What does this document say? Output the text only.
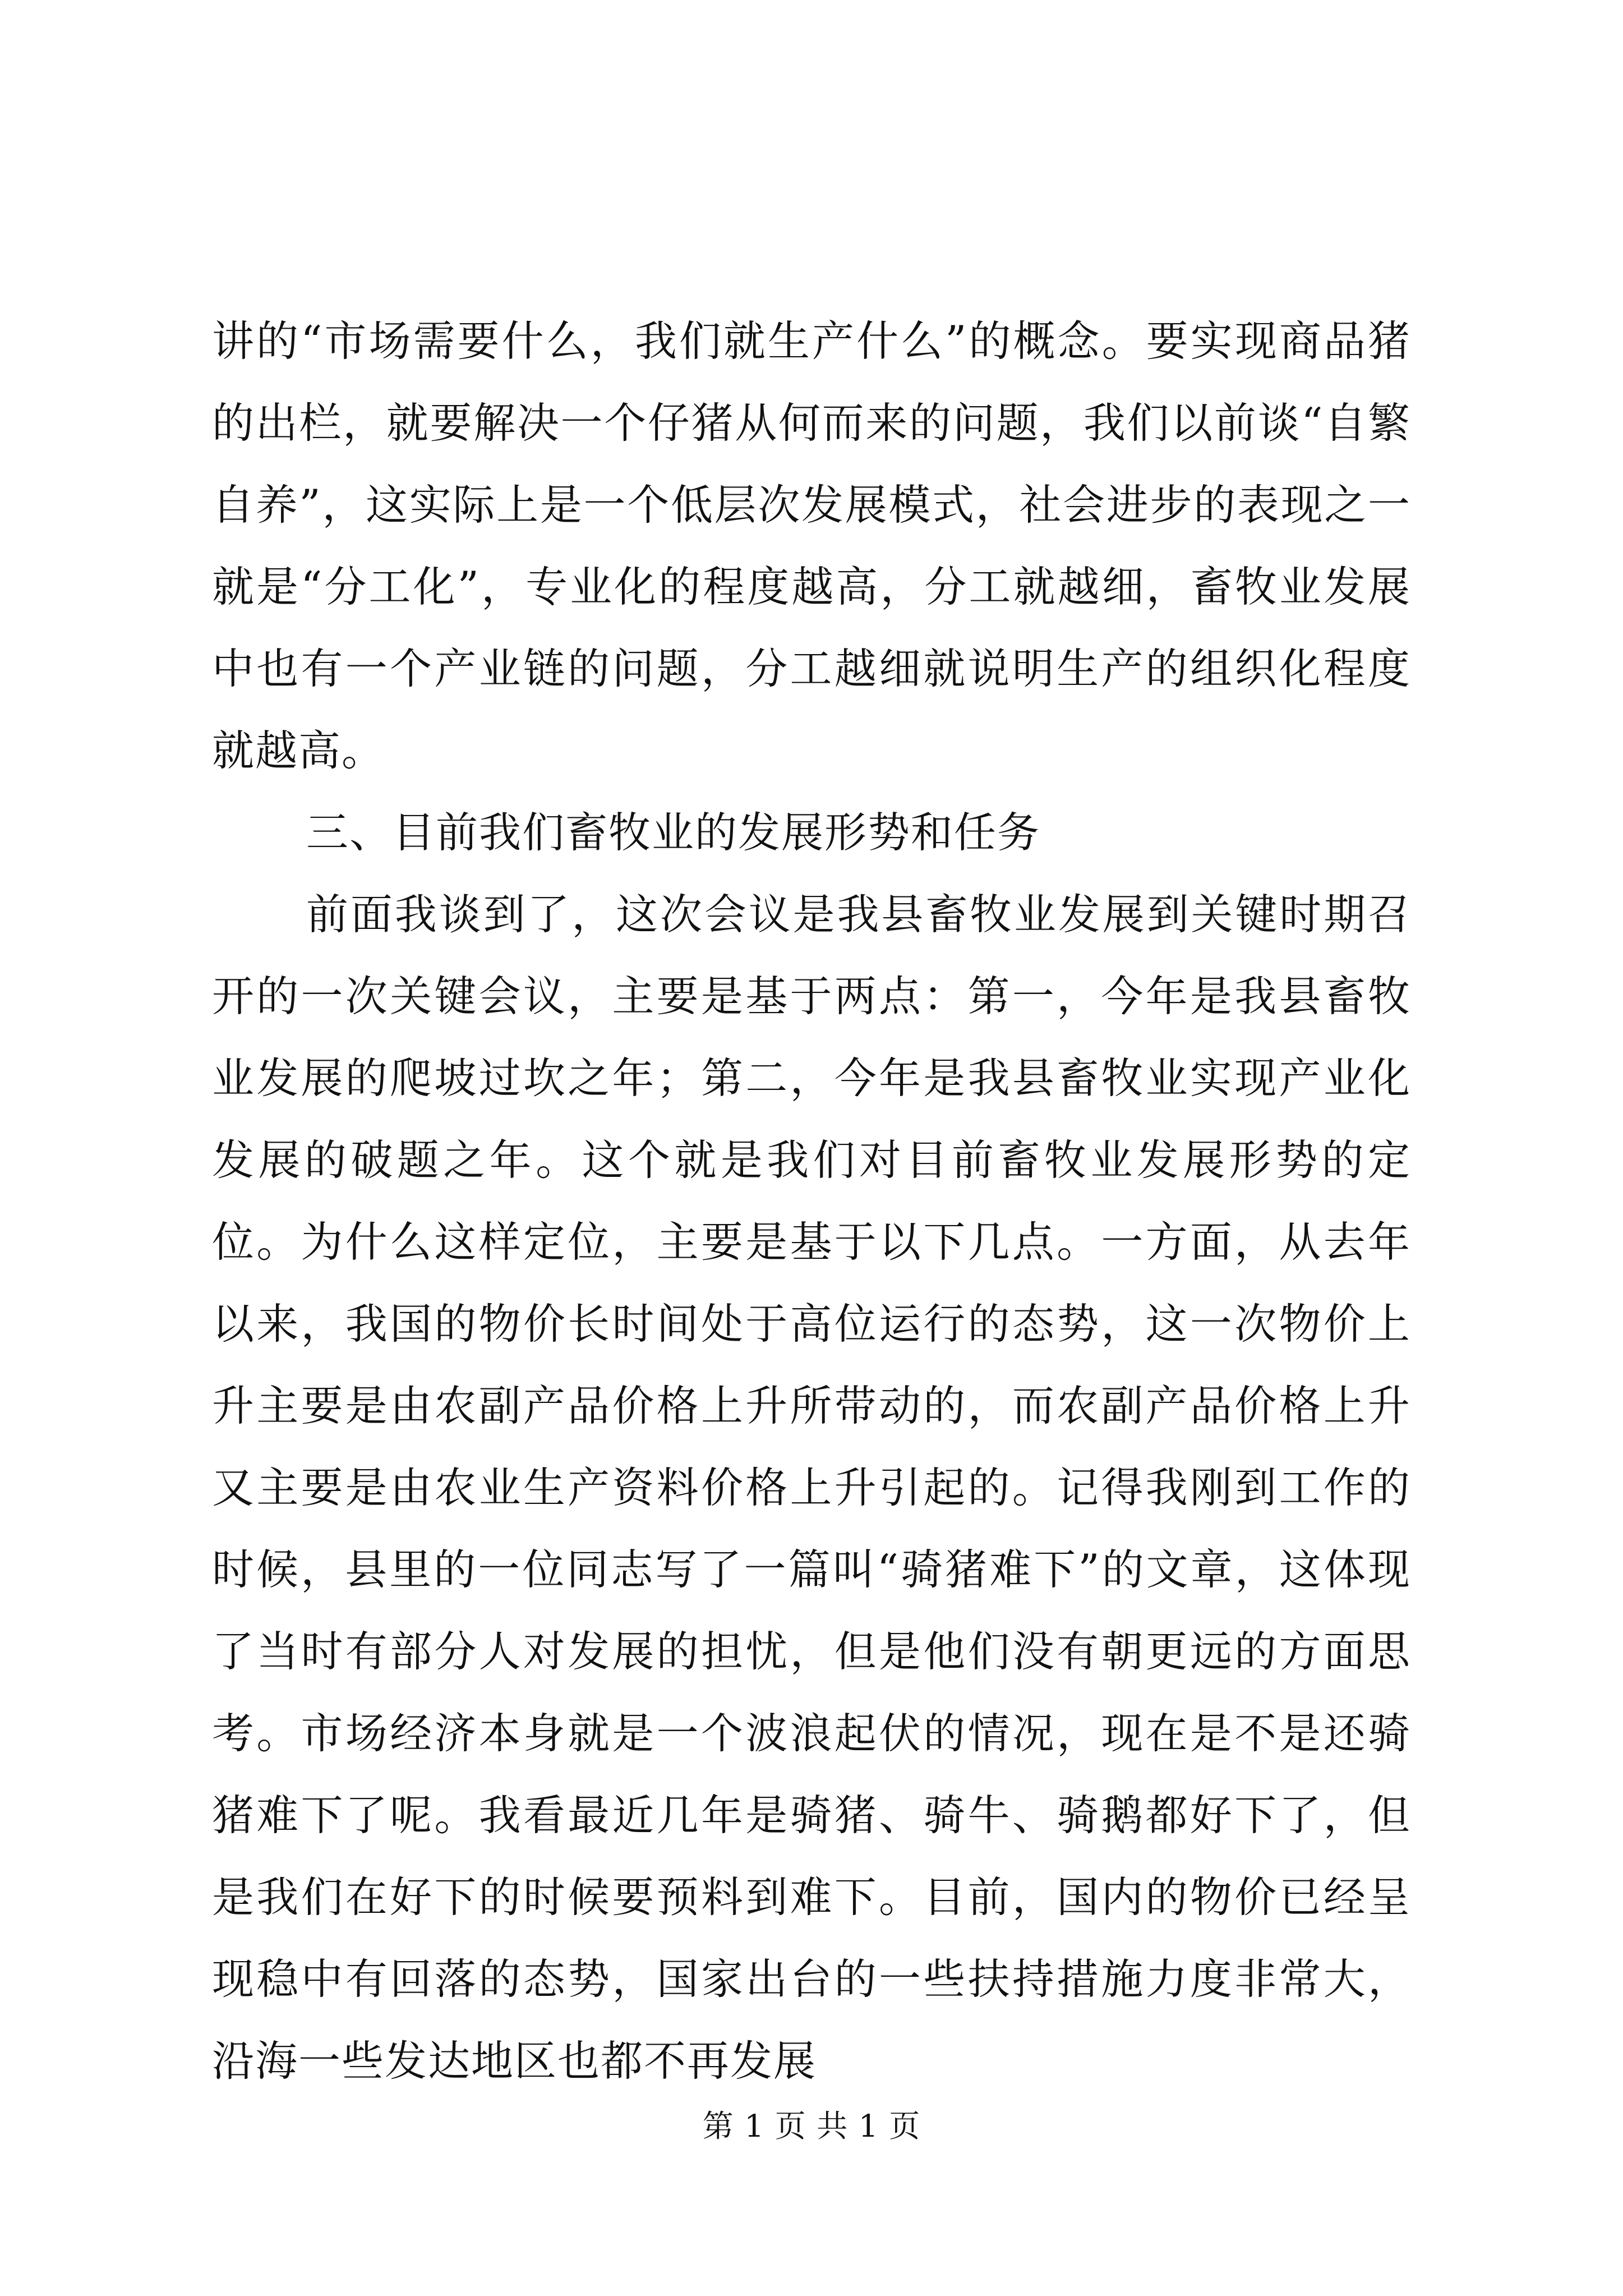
讲的“市场需要什么，我们就生产什么”的概念。要实现商品猪的出栏，就要解决一个仔猪从何而来的问题，我们以前谈“自繁自养”，这实际上是一个低层次发展模式，社会进步的表现之一就是“分工化”，专业化的程度越高，分工就越细，畜牧业发展中也有一个产业链的问题，分工越细就说明生产的组织化程度就越高。

三、目前我们畜牧业的发展形势和任务

前面我谈到了，这次会议是我县畜牧业发展到关键时期召开的一次关键会议，主要是基于两点：第一，今年是我县畜牧业发展的爬坡过坎之年；第二，今年是我县畜牧业实现产业化发展的破题之年。这个就是我们对目前畜牧业发展形势的定位。为什么这样定位，主要是基于以下几点。一方面，从去年以来，我国的物价长时间处于高位运行的态势，这一次物价上升主要是由农副产品价格上升所带动的，而农副产品价格上升又主要是由农业生产资料价格上升引起的。记得我刚到工作的时候，县里的一位同志写了一篇叫“骑猪难下”的文章，这体现了当时有部分人对发展的担忧，但是他们没有朝更远的方面思考。市场经济本身就是一个波浪起伏的情况，现在是不是还骑猪难下了呢。我看最近几年是骑猪、骑牛、骑鹅都好下了，但是我们在好下的时候要预料到难下。目前，国内的物价已经呈现稳中有回落的态势，国家出台的一些扶持措施力度非常大，沿海一些发达地区也都不再发展

第 1 页 共 1 页
